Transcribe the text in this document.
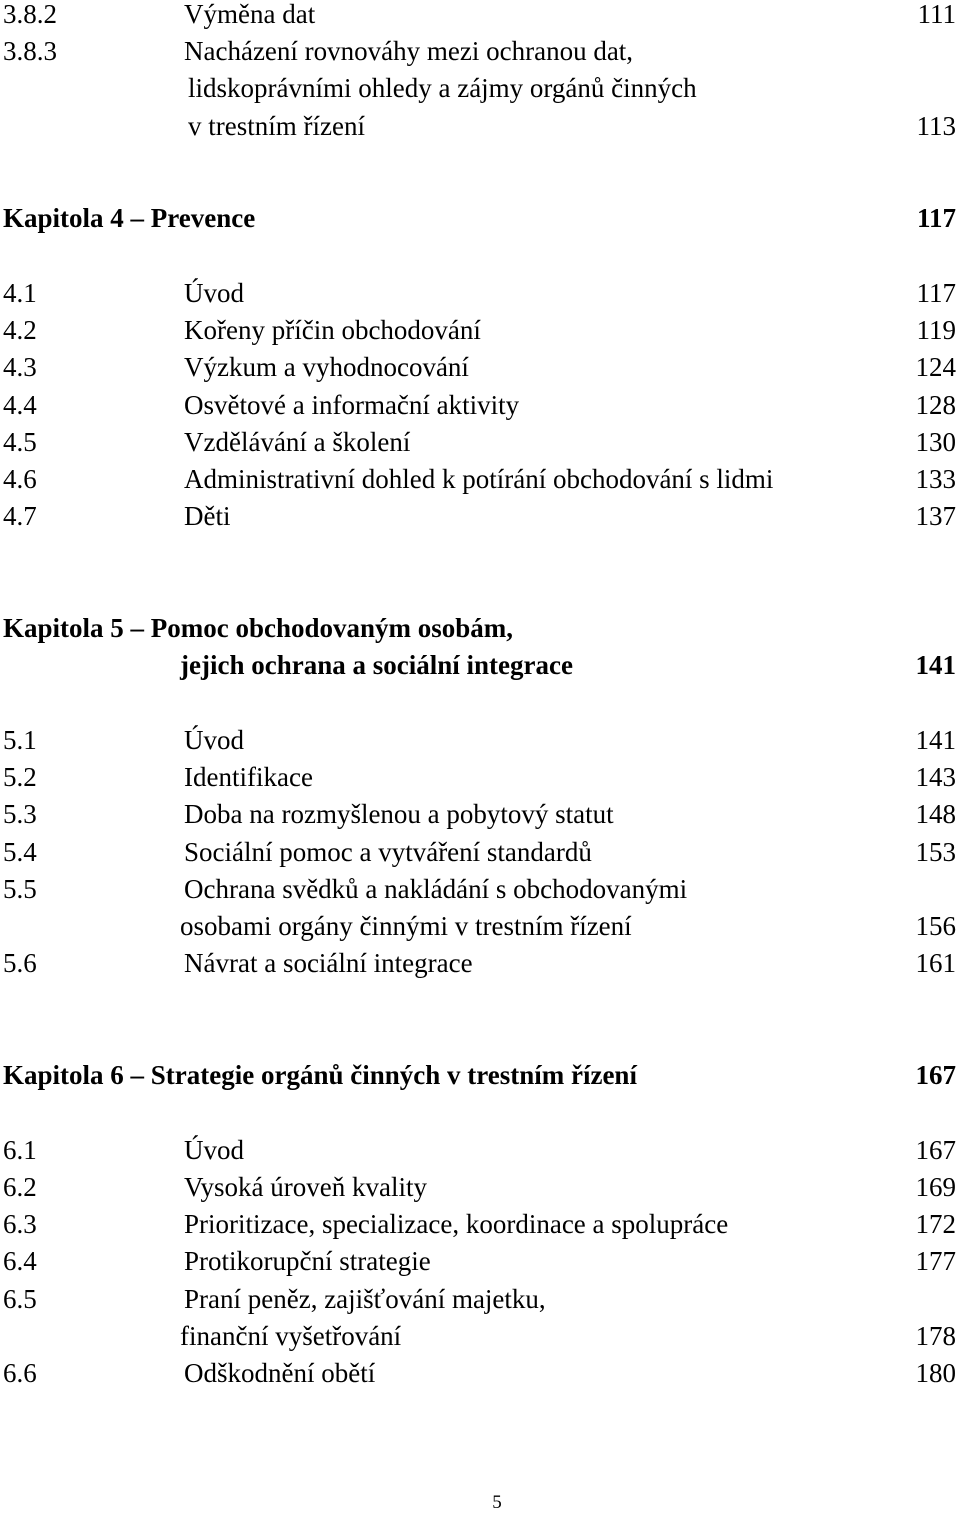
3.8.2	Výměna dat	111
3.8.3	Nacházení rovnováhy mezi ochranou dat,
lidskoprávními ohledy a zájmy orgánů činných
v trestním řízení	113
Kapitola 4 – Prevence	117
4.1	Úvod	117
4.2	Kořeny příčin obchodování	119
4.3	Výzkum a vyhodnocování	124
4.4	Osvětové a informační aktivity	128
4.5	Vzdělávání a školení	130
4.6	Administrativní dohled k potírání obchodování s lidmi	133
4.7	Děti	137
Kapitola 5 – Pomoc obchodovaným osobám,
jejich ochrana a sociální integrace	141
5.1	Úvod	141
5.2	Identifikace	143
5.3	Doba na rozmyšlenou a pobytový statut	148
5.4	Sociální pomoc a vytváření standardů	153
5.5	Ochrana svědků a nakládání s obchodovanými
osobami orgány činnými v trestním řízení	156
5.6	Návrat a sociální integrace	161
Kapitola 6 – Strategie orgánů činných v trestním řízení	167
6.1	Úvod	167
6.2	Vysoká úroveň kvality	169
6.3	Prioritizace, specializace, koordinace a spolupráce	172
6.4	Protikorupční strategie	177
6.5	Praní peněz, zajišťování majetku,
finanční vyšetřování	178
6.6	Odškodnění obětí	180
5
